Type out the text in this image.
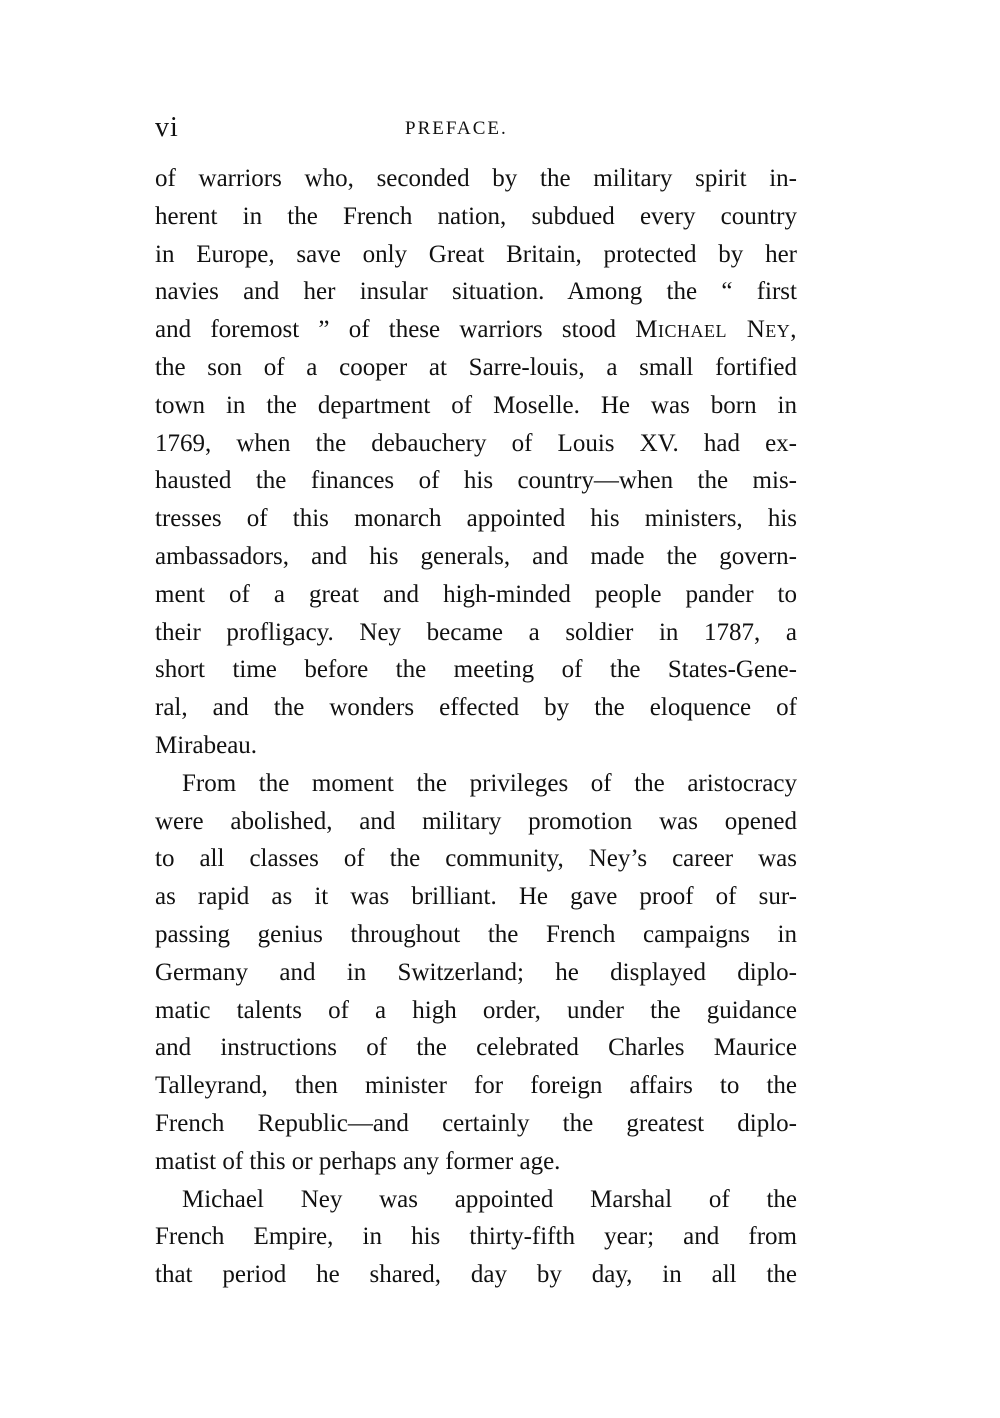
vi	PREFACE.
of warriors who, seconded by the military spirit in-
herent in the French nation, subdued every country
in Europe, save only Great Britain, protected by her
navies and her insular situation. Among the “ first
and foremost ” of these warriors stood Michael Ney,
the son of a cooper at Sarre-louis, a small fortified
town in the department of Moselle. He was born in
1769, when the debauchery of Louis XV. had ex-
hausted the finances of his country—when the mis-
tresses of this monarch appointed his ministers, his
ambassadors, and his generals, and made the govern-
ment of a great and high-minded people pander to
their profligacy. Ney became a soldier in 1787, a
short time before the meeting of the States-Gene-
ral, and the wonders effected by the eloquence of
Mirabeau.
From the moment the privileges of the aristocracy
were abolished, and military promotion was opened
to all classes of the community, Ney’s career was
as rapid as it was brilliant. He gave proof of sur-
passing genius throughout the French campaigns in
Germany and in Switzerland; he displayed diplo-
matic talents of a high order, under the guidance
and instructions of the celebrated Charles Maurice
Talleyrand, then minister for foreign affairs to the
French Republic—and certainly the greatest diplo-
matist of this or perhaps any former age.
Michael Ney was appointed Marshal of the
French Empire, in his thirty-fifth year; and from
that period he shared, day by day, in all the
